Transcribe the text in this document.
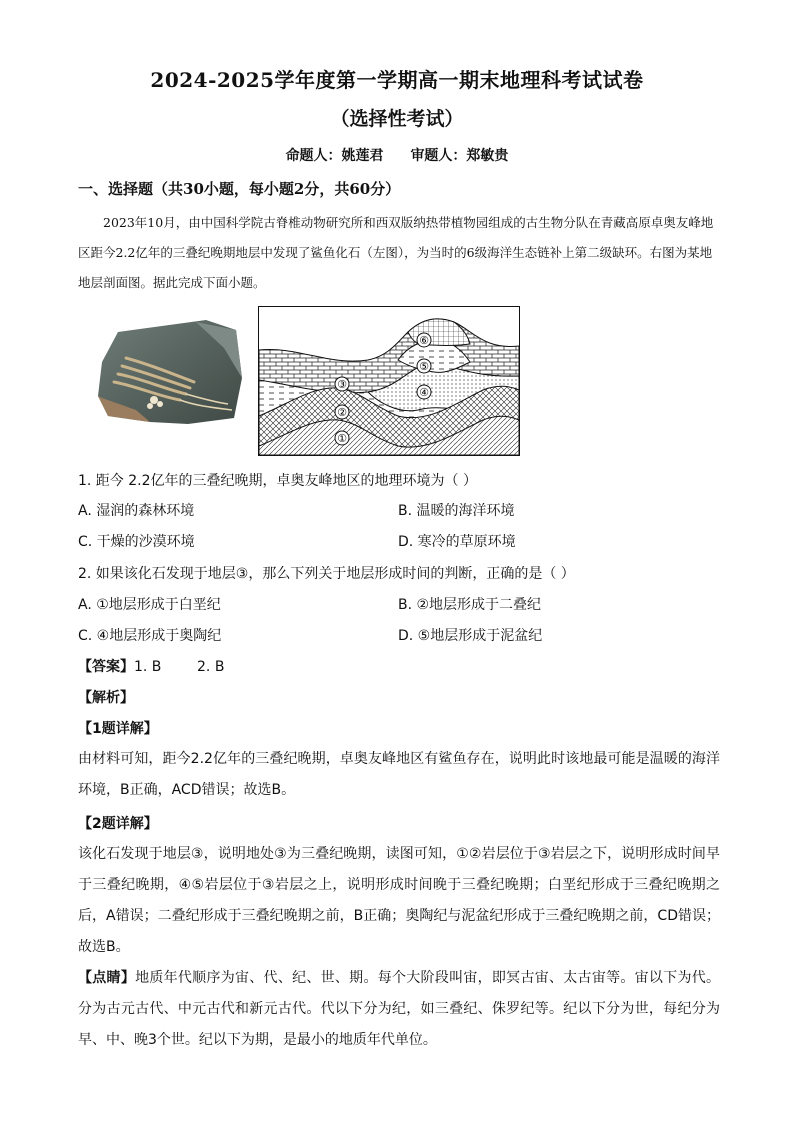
2024-2025学年度第一学期高一期末地理科考试试卷
（选择性考试）
命题人：姚莲君 审题人：郑敏贵
一、选择题（共30小题，每小题2分，共60分）
2023年10月，由中国科学院古脊椎动物研究所和西双版纳热带植物园组成的古生物分队在青藏高原卓奥友峰地区距今2.2亿年的三叠纪晚期地层中发现了鲨鱼化石（左图），为当时的6级海洋生态链补上第二级缺环。右图为某地地层剖面图。据此完成下面小题。
①
②
③
④
⑤
⑥
1. 距今 2.2亿年的三叠纪晚期，卓奥友峰地区的地理环境为（ ）
A. 湿润的森林环境	B. 温暖的海洋环境
C. 干燥的沙漠环境	D. 寒冷的草原环境
2. 如果该化石发现于地层③，那么下列关于地层形成时间的判断，正确的是（ ）
A. ①地层形成于白垩纪	B. ②地层形成于二叠纪
C. ④地层形成于奥陶纪	D. ⑤地层形成于泥盆纪
【答案】1. B        2. B
【解析】
【1题详解】
由材料可知，距今2.2亿年的三叠纪晚期，卓奥友峰地区有鲨鱼存在，说明此时该地最可能是温暖的海洋环境，B正确，ACD错误；故选B。
【2题详解】
该化石发现于地层③，说明地处③为三叠纪晚期，读图可知，①②岩层位于③岩层之下，说明形成时间早于三叠纪晚期，④⑤岩层位于③岩层之上，说明形成时间晚于三叠纪晚期；白垩纪形成于三叠纪晚期之后，A错误；二叠纪形成于三叠纪晚期之前，B正确；奥陶纪与泥盆纪形成于三叠纪晚期之前，CD错误；故选B。
【点睛】地质年代顺序为宙、代、纪、世、期。每个大阶段叫宙，即冥古宙、太古宙等。宙以下为代。分为古元古代、中元古代和新元古代。代以下分为纪，如三叠纪、侏罗纪等。纪以下分为世，每纪分为早、中、晚3个世。纪以下为期，是最小的地质年代单位。
